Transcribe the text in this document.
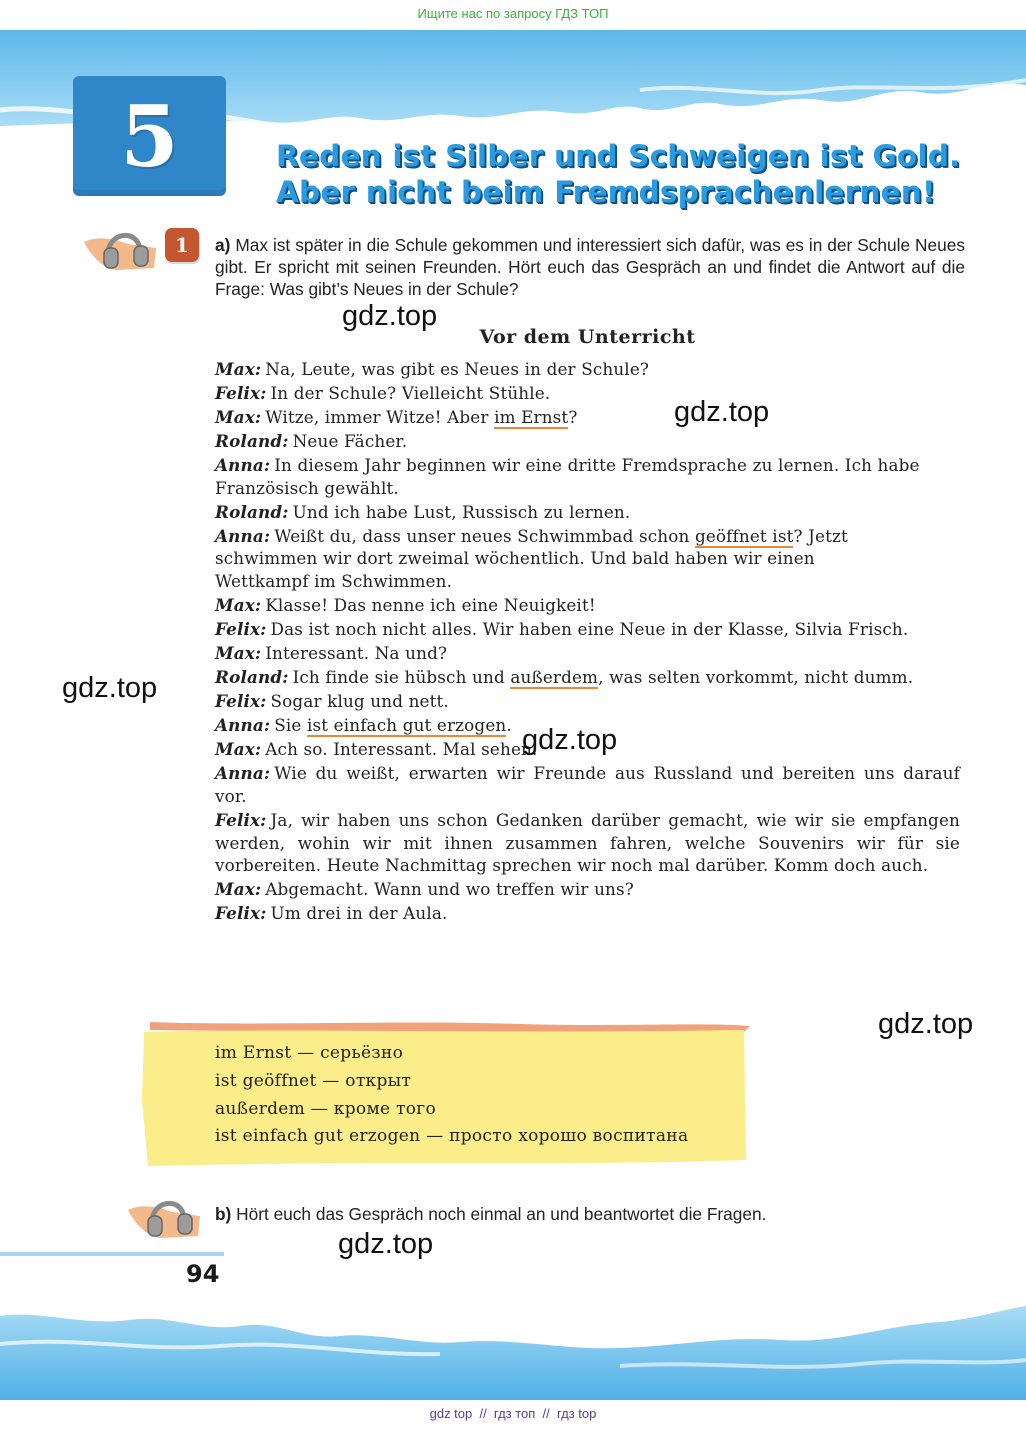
Ищите нас по запросу ГДЗ ТОП
5	Reden ist Silber und Schweigen ist Gold.
Aber nicht beim Fremdsprachenlernen!
1	a) Max ist später in die Schule gekommen und interessiert sich dafür, was es in der Schule Neues gibt. Er spricht mit seinen Freunden. Hört euch das Gespräch an und findet die Antwort auf die Frage: Was gibt’s Neues in der Schule?
Vor dem Unterricht

Max: Na, Leute, was gibt es Neues in der Schule?

Felix: In der Schule? Vielleicht Stühle.

Max: Witze, immer Witze! Aber im Ernst?

Roland: Neue Fächer.

Anna: In diesem Jahr beginnen wir eine dritte Fremdsprache zu lernen. Ich habe Französisch gewählt.

Roland: Und ich habe Lust, Russisch zu lernen.

Anna: Weißt du, dass unser neues Schwimmbad schon geöffnet ist? Jetzt schwimmen wir dort zweimal wöchentlich. Und bald haben wir einen Wettkampf im Schwimmen.

Max: Klasse! Das nenne ich eine Neuigkeit!

Felix: Das ist noch nicht alles. Wir haben eine Neue in der Klasse, Silvia Frisch.

Max: Interessant. Na und?

Roland: Ich finde sie hübsch und außerdem, was selten vorkommt, nicht dumm.

Felix: Sogar klug und nett.

Anna: Sie ist einfach gut erzogen.

Max: Ach so. Interessant. Mal sehen.

Anna: Wie du weißt, erwarten wir Freunde aus Russland und bereiten uns darauf vor.

Felix: Ja, wir haben uns schon Gedanken darüber gemacht, wie wir sie empfangen werden, wohin wir mit ihnen zusammen fahren, welche Souvenirs wir für sie vorbereiten. Heute Nachmittag sprechen wir noch mal darüber. Komm doch auch.

Max: Abgemacht. Wann und wo treffen wir uns?

Felix: Um drei in der Aula.

im Ernst — серьёзно
ist geöffnet — открыт
außerdem — кроме того
ist einfach gut erzogen — просто хорошо воспитана
b) Hört euch das Gespräch noch einmal an und beantwortet die Fragen.
94
gdz.top
gdz.top
gdz.top
gdz.top
gdz.top
gdz.top
gdz top  //  гдз топ  //  гдз top
